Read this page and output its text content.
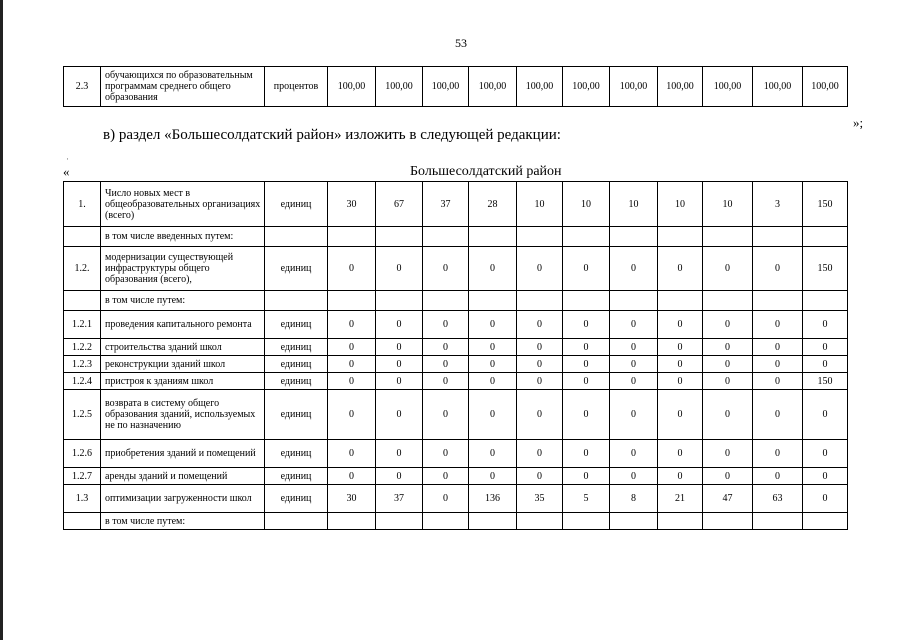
53
2.3	обучающихся по образовательным программам среднего общего образования	процентов	100,00	100,00	100,00	100,00	100,00	100,00	100,00	100,00	100,00	100,00	100,00
»;
в) раздел «Большесолдатский район» изложить в следующей редакции:
·
«	Большесолдатский район
1.	Число новых мест в общеобразовательных организациях (всего)	единиц	30	67	37	28	10	10	10	10	10	3	150
	в том числе введенных путем:												
1.2.	модернизации существующей инфраструктуры общего образования (всего),	единиц	0	0	0	0	0	0	0	0	0	0	150
	в том числе путем:												
1.2.1	проведения капитального ремонта	единиц	0	0	0	0	0	0	0	0	0	0	0
1.2.2	строительства зданий школ	единиц	0	0	0	0	0	0	0	0	0	0	0
1.2.3	реконструкции зданий школ	единиц	0	0	0	0	0	0	0	0	0	0	0
1.2.4	пристроя к зданиям школ	единиц	0	0	0	0	0	0	0	0	0	0	150
1.2.5	возврата в систему общего образования зданий, используемых не по назначению	единиц	0	0	0	0	0	0	0	0	0	0	0
1.2.6	приобретения зданий и помещений	единиц	0	0	0	0	0	0	0	0	0	0	0
1.2.7	аренды зданий и помещений	единиц	0	0	0	0	0	0	0	0	0	0	0
1.3	оптимизации загруженности школ	единиц	30	37	0	136	35	5	8	21	47	63	0
	в том числе путем:												
